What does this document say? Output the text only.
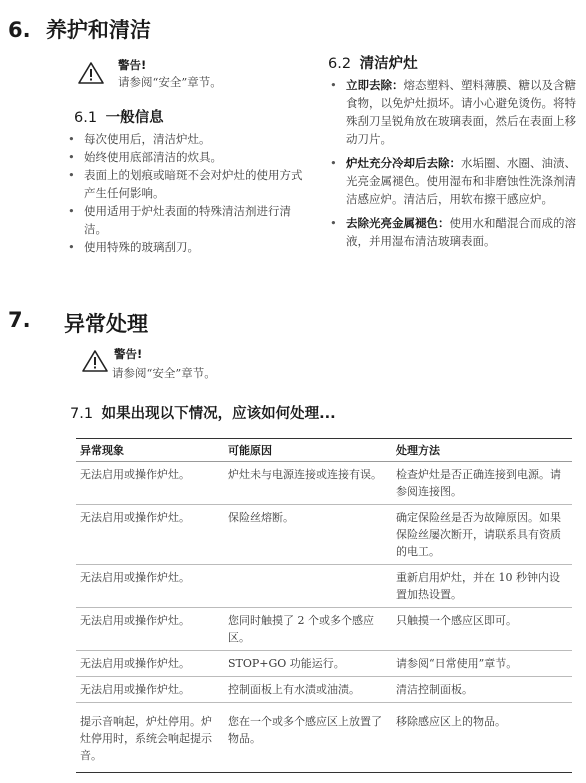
6. 养护和清洁
警告!
请参阅“安全”章节。
6.1 一般信息
• 每次使用后，清洁炉灶。
• 始终使用底部清洁的炊具。
• 表面上的划痕或暗斑不会对炉灶的使用方式产生任何影响。
• 使用适用于炉灶表面的特殊清洁剂进行清洁。
• 使用特殊的玻璃刮刀。
6.2 清洁炉灶
• 立即去除：熔态塑料、塑料薄膜、糖以及含糖食物，以免炉灶损坏。请小心避免烫伤。将特殊刮刀呈锐角放在玻璃表面，然后在表面上移动刀片。
• 炉灶充分冷却后去除：水垢圈、水圈、油渍、光亮金属褪色。使用湿布和非磨蚀性洗涤剂清洁感应炉。清洁后，用软布擦干感应炉。
• 去除光亮金属褪色：使用水和醋混合而成的溶液，并用湿布清洁玻璃表面。
7. 异常处理
警告!
请参阅“安全”章节。
7.1 如果出现以下情况，应该如何处理...
异常现象	可能原因	处理方法
无法启用或操作炉灶。	炉灶未与电源连接或连接有误。	检查炉灶是否正确连接到电源。请参阅连接图。
无法启用或操作炉灶。	保险丝熔断。	确定保险丝是否为故障原因。如果保险丝屡次断开，请联系具有资质的电工。
无法启用或操作炉灶。		重新启用炉灶，并在 10 秒钟内设置加热设置。
无法启用或操作炉灶。	您同时触摸了 2 个或多个感应区。	只触摸一个感应区即可。
无法启用或操作炉灶。	STOP+GO 功能运行。	请参阅“日常使用”章节。
无法启用或操作炉灶。	控制面板上有水渍或油渍。	清洁控制面板。
提示音响起，炉灶停用。炉灶停用时，系统会响起提示音。	您在一个或多个感应区上放置了物品。	移除感应区上的物品。
